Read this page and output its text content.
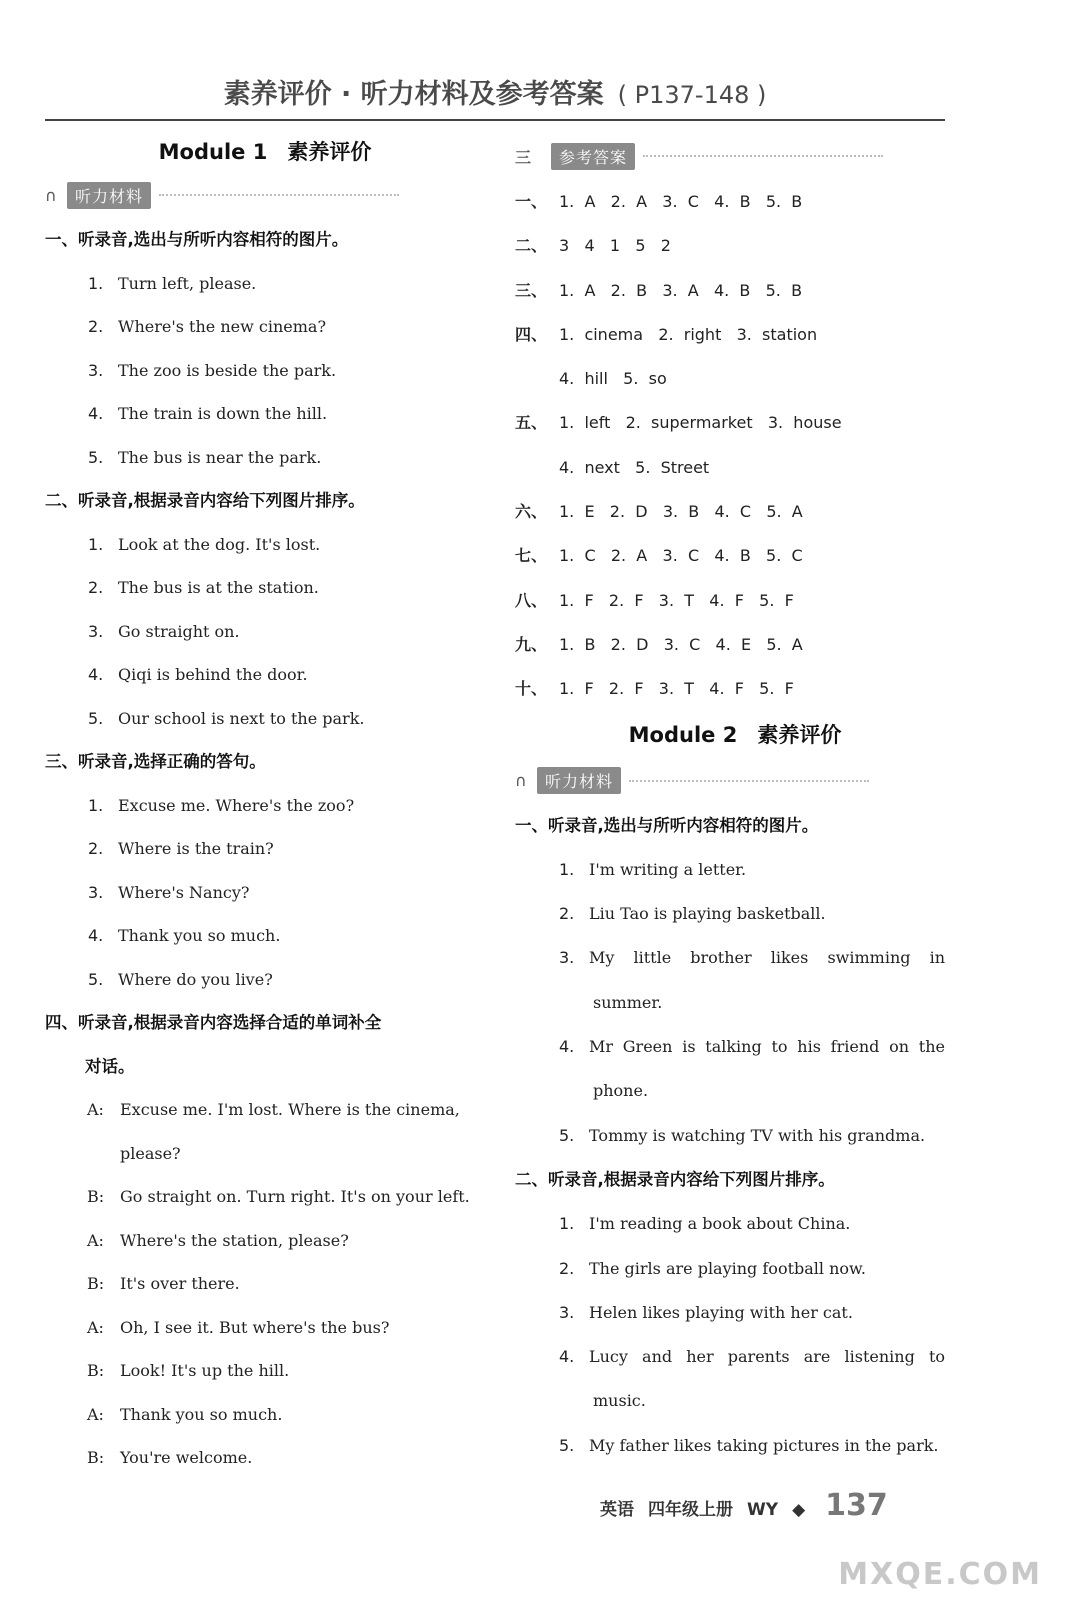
素养评价 · 听力材料及参考答案 ( P137-148 )
Module 1 素养评价
∩	听力材料
一、听录音,选出与所听内容相符的图片。
1. Turn left, please.
2. Where's the new cinema?
3. The zoo is beside the park.
4. The train is down the hill.
5. The bus is near the park.
二、听录音,根据录音内容给下列图片排序。
1. Look at the dog. It's lost.
2. The bus is at the station.
3. Go straight on.
4. Qiqi is behind the door.
5. Our school is next to the park.
三、听录音,选择正确的答句。
1. Excuse me. Where's the zoo?
2. Where is the train?
3. Where's Nancy?
4. Thank you so much.
5. Where do you live?
四、听录音,根据录音内容选择合适的单词补全
对话。
A: Excuse me. I'm lost. Where is the cinema,
please?
B: Go straight on. Turn right. It's on your left.
A: Where's the station, please?
B: It's over there.
A: Oh, I see it. But where's the bus?
B: Look! It's up the hill.
A: Thank you so much.
B: You're welcome.
三	参考答案
一、 1.  A   2.  A   3.  C   4.  B   5.  B
二、 3   4   1   5   2
三、 1.  A   2.  B   3.  A   4.  B   5.  B
四、 1.  cinema   2.  right   3.  station
4.  hill   5.  so
五、 1.  left   2.  supermarket   3.  house
4.  next   5.  Street
六、 1.  E   2.  D   3.  B   4.  C   5.  A
七、 1.  C   2.  A   3.  C   4.  B   5.  C
八、 1.  F   2.  F   3.  T   4.  F   5.  F
九、 1.  B   2.  D   3.  C   4.  E   5.  A
十、 1.  F   2.  F   3.  T   4.  F   5.  F
Module 2 素养评价
∩	听力材料
一、听录音,选出与所听内容相符的图片。
1. I'm writing a letter.
2. Liu Tao is playing basketball.
3. My little brother likes swimming in
summer.
4. Mr Green is talking to his friend on the
phone.
5. Tommy is watching TV with his grandma.
二、听录音,根据录音内容给下列图片排序。
1. I'm reading a book about China.
2. The girls are playing football now.
3. Helen likes playing with her cat.
4. Lucy and her parents are listening to
music.
5. My father likes taking pictures in the park.
英语 四年级上册 WY ◆ 137
MXQE.COM
